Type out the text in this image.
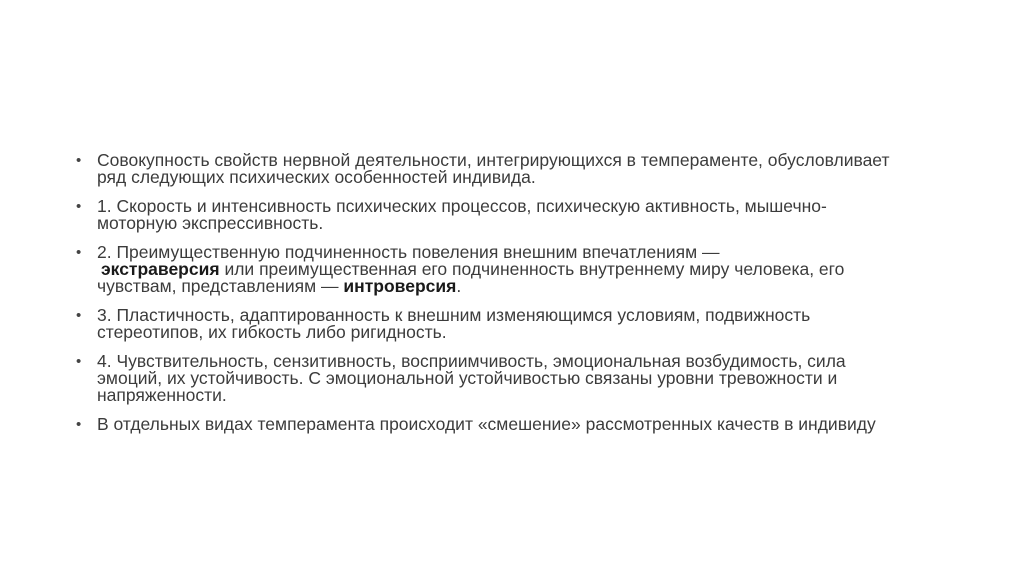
• Совокупность свойств нервной деятельности, интегрирующихся в темпераменте, обусловливает ряд следующих психических особенностей индивида.
• 1. Скорость и интенсивность психических процессов, психическую активность, мышечно-моторную экспрессивность.
• 2. Преимущественную подчиненность повеления внешним впечатлениям —
экстраверсия или преимущественная его подчиненность внутреннему миру человека, его чувствам, представлениям — интроверсия.
• 3. Пластичность, адаптированность к внешним изменяющимся условиям, подвижность стереотипов, их гибкость либо ригидность.
• 4. Чувствительность, сензитивность, восприимчивость, эмоциональная возбудимость, сила эмоций, их устойчивость. С эмоциональной устойчивостью связаны уровни тревожности и напряженности.
• В отдельных видах темперамента происходит «смешение» рассмотренных качеств в индивиду
